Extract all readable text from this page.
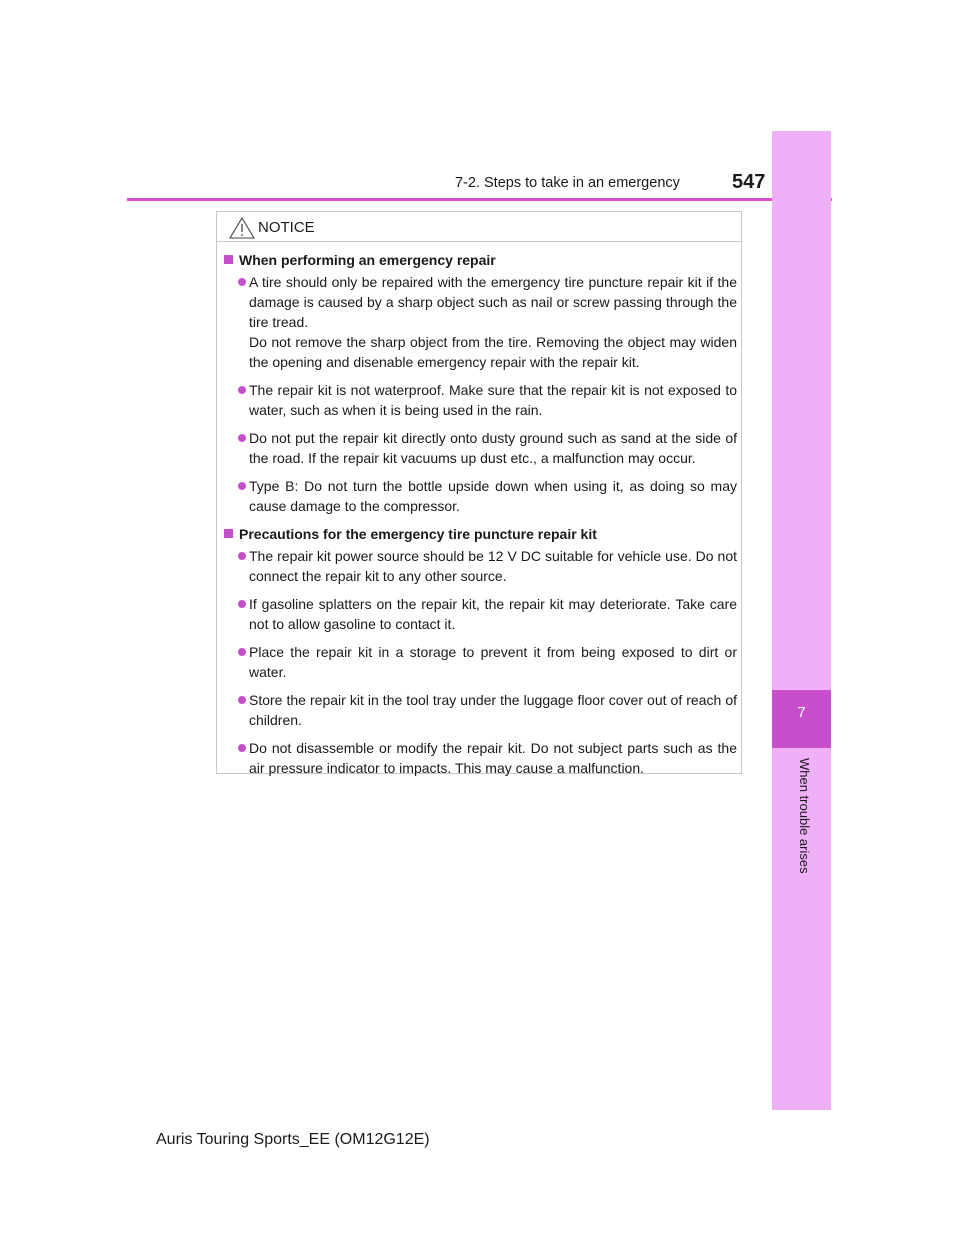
7-2. Steps to take in an emergency	547
7
When trouble arises
NOTICE
When performing an emergency repair
A tire should only be repaired with the emergency tire puncture repair kit if the damage is caused by a sharp object such as nail or screw passing through the tire tread.
Do not remove the sharp object from the tire. Removing the object may widen the opening and disenable emergency repair with the repair kit.
The repair kit is not waterproof. Make sure that the repair kit is not exposed to water, such as when it is being used in the rain.
Do not put the repair kit directly onto dusty ground such as sand at the side of the road. If the repair kit vacuums up dust etc., a malfunction may occur.
Type B: Do not turn the bottle upside down when using it, as doing so may cause damage to the compressor.
Precautions for the emergency tire puncture repair kit
The repair kit power source should be 12 V DC suitable for vehicle use. Do not connect the repair kit to any other source.
If gasoline splatters on the repair kit, the repair kit may deteriorate. Take care not to allow gasoline to contact it.
Place the repair kit in a storage to prevent it from being exposed to dirt or water.
Store the repair kit in the tool tray under the luggage floor cover out of reach of children.
Do not disassemble or modify the repair kit. Do not subject parts such as the air pressure indicator to impacts. This may cause a malfunction.
Auris Touring Sports_EE (OM12G12E)
